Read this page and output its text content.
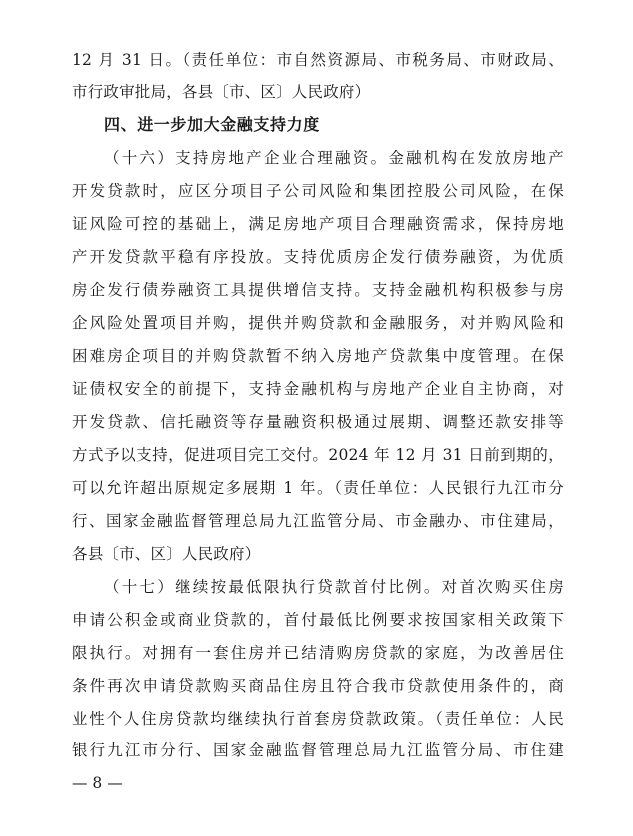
12 月 31 日。（责任单位：市自然资源局、市税务局、市财政局、
市行政审批局，各县〔市、区〕人民政府）
四、进一步加大金融支持力度
（十六）支持房地产企业合理融资。金融机构在发放房地产
开发贷款时，应区分项目子公司风险和集团控股公司风险，在保
证风险可控的基础上，满足房地产项目合理融资需求，保持房地
产开发贷款平稳有序投放。支持优质房企发行债券融资，为优质
房企发行债券融资工具提供增信支持。支持金融机构积极参与房
企风险处置项目并购，提供并购贷款和金融服务，对并购风险和
困难房企项目的并购贷款暂不纳入房地产贷款集中度管理。在保
证债权安全的前提下，支持金融机构与房地产企业自主协商，对
开发贷款、信托融资等存量融资积极通过展期、调整还款安排等
方式予以支持，促进项目完工交付。2024 年 12 月 31 日前到期的，
可以允许超出原规定多展期 1 年。（责任单位：人民银行九江市分
行、国家金融监督管理总局九江监管分局、市金融办、市住建局，
各县〔市、区〕人民政府）
（十七）继续按最低限执行贷款首付比例。对首次购买住房
申请公积金或商业贷款的，首付最低比例要求按国家相关政策下
限执行。对拥有一套住房并已结清购房贷款的家庭，为改善居住
条件再次申请贷款购买商品住房且符合我市贷款使用条件的，商
业性个人住房贷款均继续执行首套房贷款政策。（责任单位：人民
银行九江市分行、国家金融监督管理总局九江监管分局、市住建
— 8 —
